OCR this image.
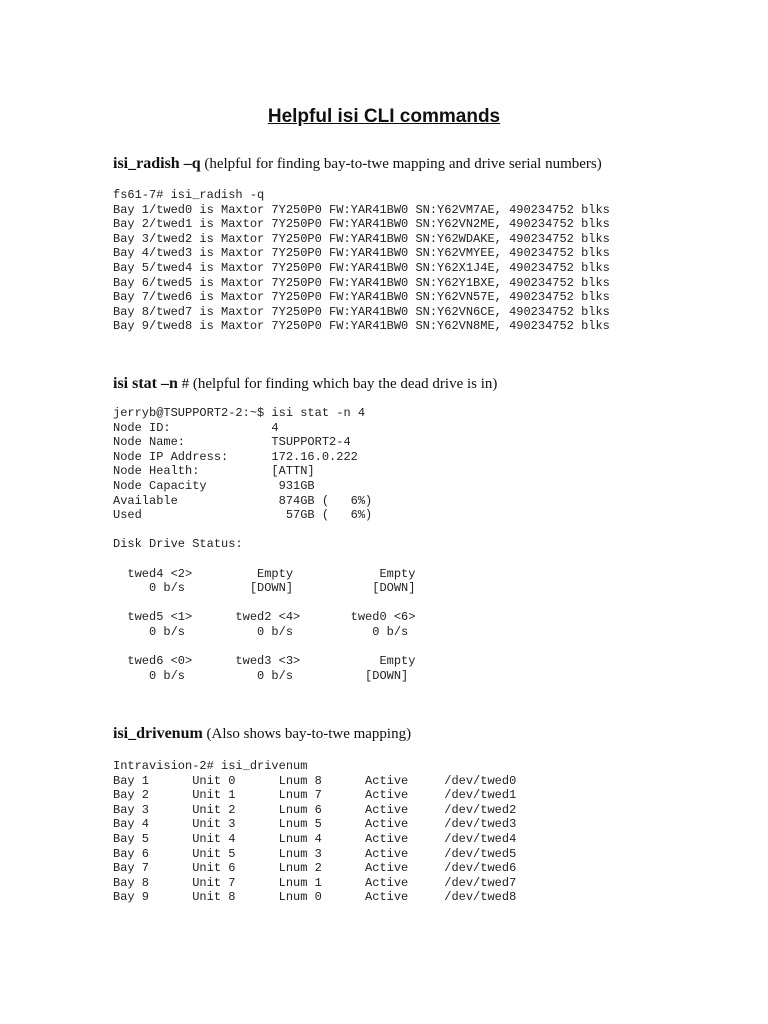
Helpful isi CLI commands

isi_radish –q (helpful for finding bay-to-twe mapping and drive serial numbers)

fs61-7# isi_radish -q
Bay 1/twed0 is Maxtor 7Y250P0 FW:YAR41BW0 SN:Y62VM7AE, 490234752 blks
Bay 2/twed1 is Maxtor 7Y250P0 FW:YAR41BW0 SN:Y62VN2ME, 490234752 blks
Bay 3/twed2 is Maxtor 7Y250P0 FW:YAR41BW0 SN:Y62WDAKE, 490234752 blks
Bay 4/twed3 is Maxtor 7Y250P0 FW:YAR41BW0 SN:Y62VMYEE, 490234752 blks
Bay 5/twed4 is Maxtor 7Y250P0 FW:YAR41BW0 SN:Y62X1J4E, 490234752 blks
Bay 6/twed5 is Maxtor 7Y250P0 FW:YAR41BW0 SN:Y62Y1BXE, 490234752 blks
Bay 7/twed6 is Maxtor 7Y250P0 FW:YAR41BW0 SN:Y62VN57E, 490234752 blks
Bay 8/twed7 is Maxtor 7Y250P0 FW:YAR41BW0 SN:Y62VN6CE, 490234752 blks
Bay 9/twed8 is Maxtor 7Y250P0 FW:YAR41BW0 SN:Y62VN8ME, 490234752 blks

isi stat –n # (helpful for finding which bay the dead drive is in)

jerryb@TSUPPORT2-2:~$ isi stat -n 4
Node ID:              4
Node Name:            TSUPPORT2-4
Node IP Address:      172.16.0.222
Node Health:          [ATTN]
Node Capacity          931GB
Available              874GB (   6%)
Used                    57GB (   6%)
Disk Drive Status:
twed4 <2>         Empty            Empty
0 b/s         [DOWN]           [DOWN]
twed5 <1>      twed2 <4>       twed0 <6>
0 b/s          0 b/s           0 b/s
twed6 <0>      twed3 <3>           Empty
0 b/s          0 b/s          [DOWN]

isi_drivenum (Also shows bay-to-twe mapping)

Intravision-2# isi_drivenum
Bay 1      Unit 0      Lnum 8      Active     /dev/twed0
Bay 2      Unit 1      Lnum 7      Active     /dev/twed1
Bay 3      Unit 2      Lnum 6      Active     /dev/twed2
Bay 4      Unit 3      Lnum 5      Active     /dev/twed3
Bay 5      Unit 4      Lnum 4      Active     /dev/twed4
Bay 6      Unit 5      Lnum 3      Active     /dev/twed5
Bay 7      Unit 6      Lnum 2      Active     /dev/twed6
Bay 8      Unit 7      Lnum 1      Active     /dev/twed7
Bay 9      Unit 8      Lnum 0      Active     /dev/twed8
